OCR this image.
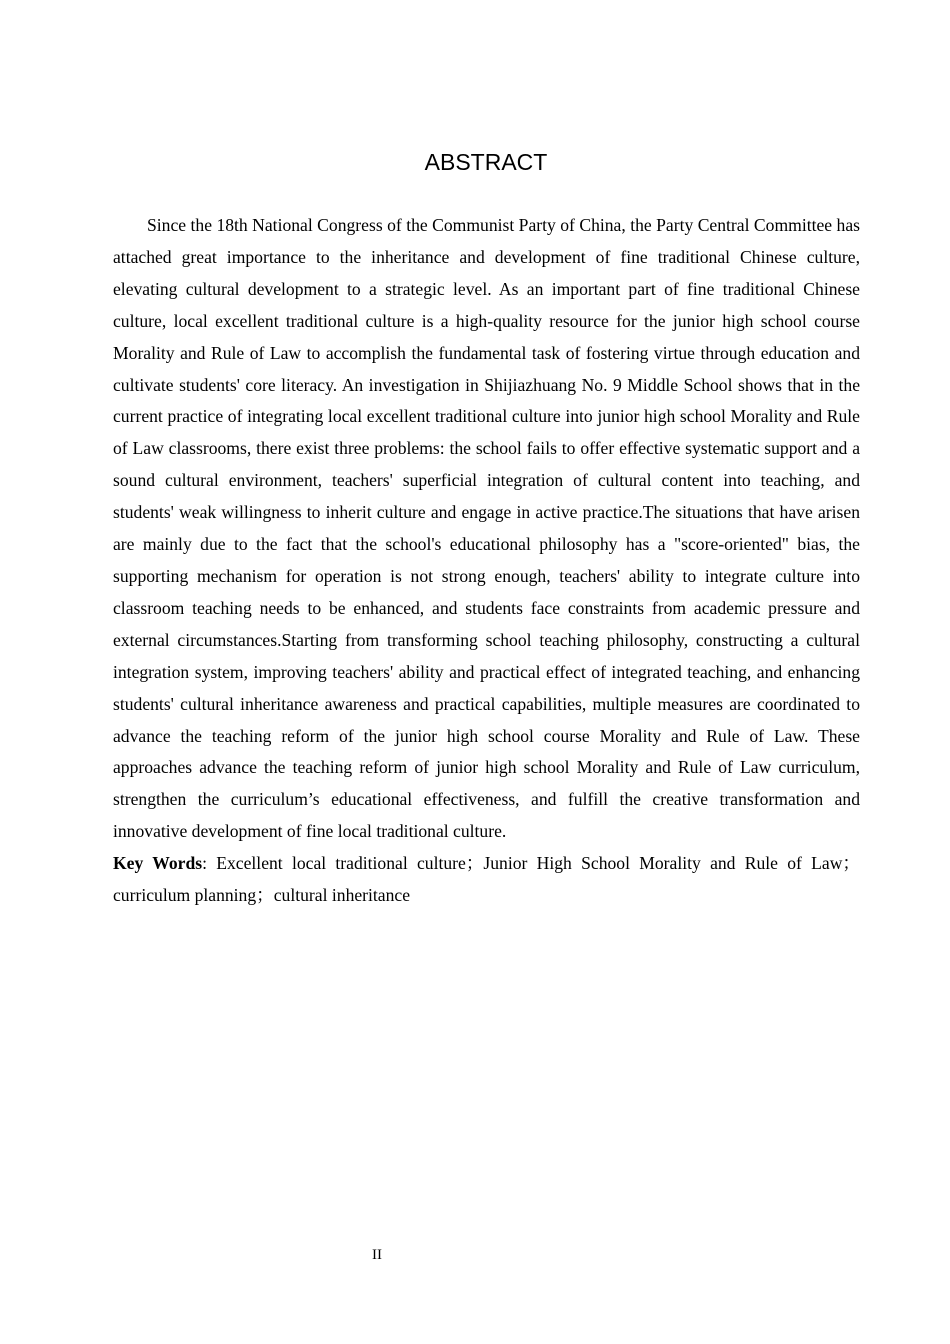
ABSTRACT

Since the 18th National Congress of the Communist Party of China, the Party Central Committee has attached great importance to the inheritance and development of fine traditional Chinese culture, elevating cultural development to a strategic level. As an important part of fine traditional Chinese culture, local excellent traditional culture is a high-quality resource for the junior high school course Morality and Rule of Law to accomplish the fundamental task of fostering virtue through education and cultivate students' core literacy. An investigation in Shijiazhuang No. 9 Middle School shows that in the current practice of integrating local excellent traditional culture into junior high school Morality and Rule of Law classrooms, there exist three problems: the school fails to offer effective systematic support and a sound cultural environment, teachers' superficial integration of cultural content into teaching, and students' weak willingness to inherit culture and engage in active practice.The situations that have arisen are mainly due to the fact that the school's educational philosophy has a "score-oriented" bias, the supporting mechanism for operation is not strong enough, teachers' ability to integrate culture into classroom teaching needs to be enhanced, and students face constraints from academic pressure and external circumstances.Starting from transforming school teaching philosophy, constructing a cultural integration system, improving teachers' ability and practical effect of integrated teaching, and enhancing students' cultural inheritance awareness and practical capabilities, multiple measures are coordinated to advance the teaching reform of the junior high school course Morality and Rule of Law. These approaches advance the teaching reform of junior high school Morality and Rule of Law curriculum, strengthen the curriculum’s educational effectiveness, and fulfill the creative transformation and innovative development of fine local traditional culture.

Key Words: Excellent local traditional culture；Junior High School Morality and Rule of Law；curriculum planning；cultural inheritance

II
